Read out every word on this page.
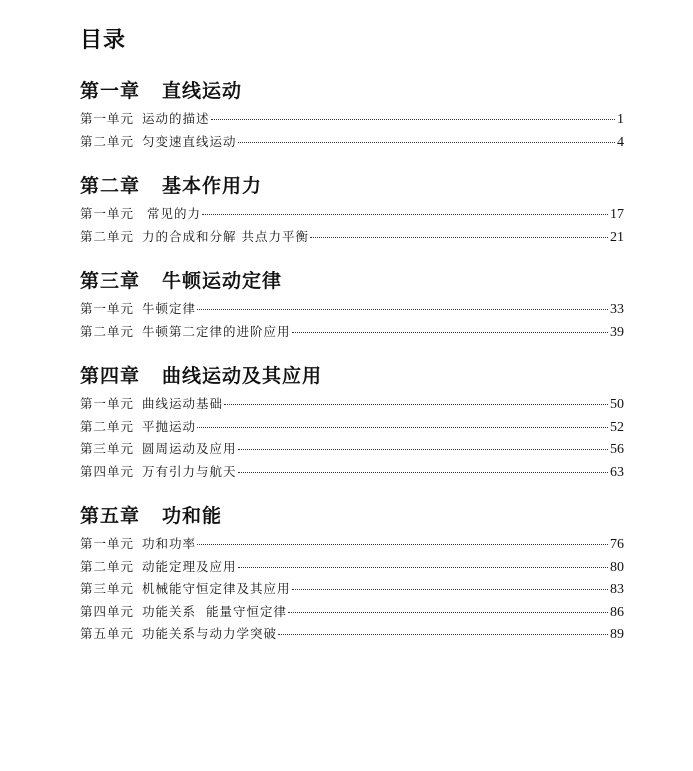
目录
第一章 直线运动
第一单元 运动的描述	1
第二单元 匀变速直线运动	4
第二章 基本作用力
第一单元 常见的力	17
第二单元 力的合成和分解 共点力平衡	21
第三章 牛顿运动定律
第一单元 牛顿定律	33
第二单元 牛顿第二定律的进阶应用	39
第四章 曲线运动及其应用
第一单元 曲线运动基础	50
第二单元 平抛运动	52
第三单元 圆周运动及应用	56
第四单元 万有引力与航天	63
第五章 功和能
第一单元 功和功率	76
第二单元 动能定理及应用	80
第三单元 机械能守恒定律及其应用	83
第四单元 功能关系  能量守恒定律	86
第五单元 功能关系与动力学突破	89
